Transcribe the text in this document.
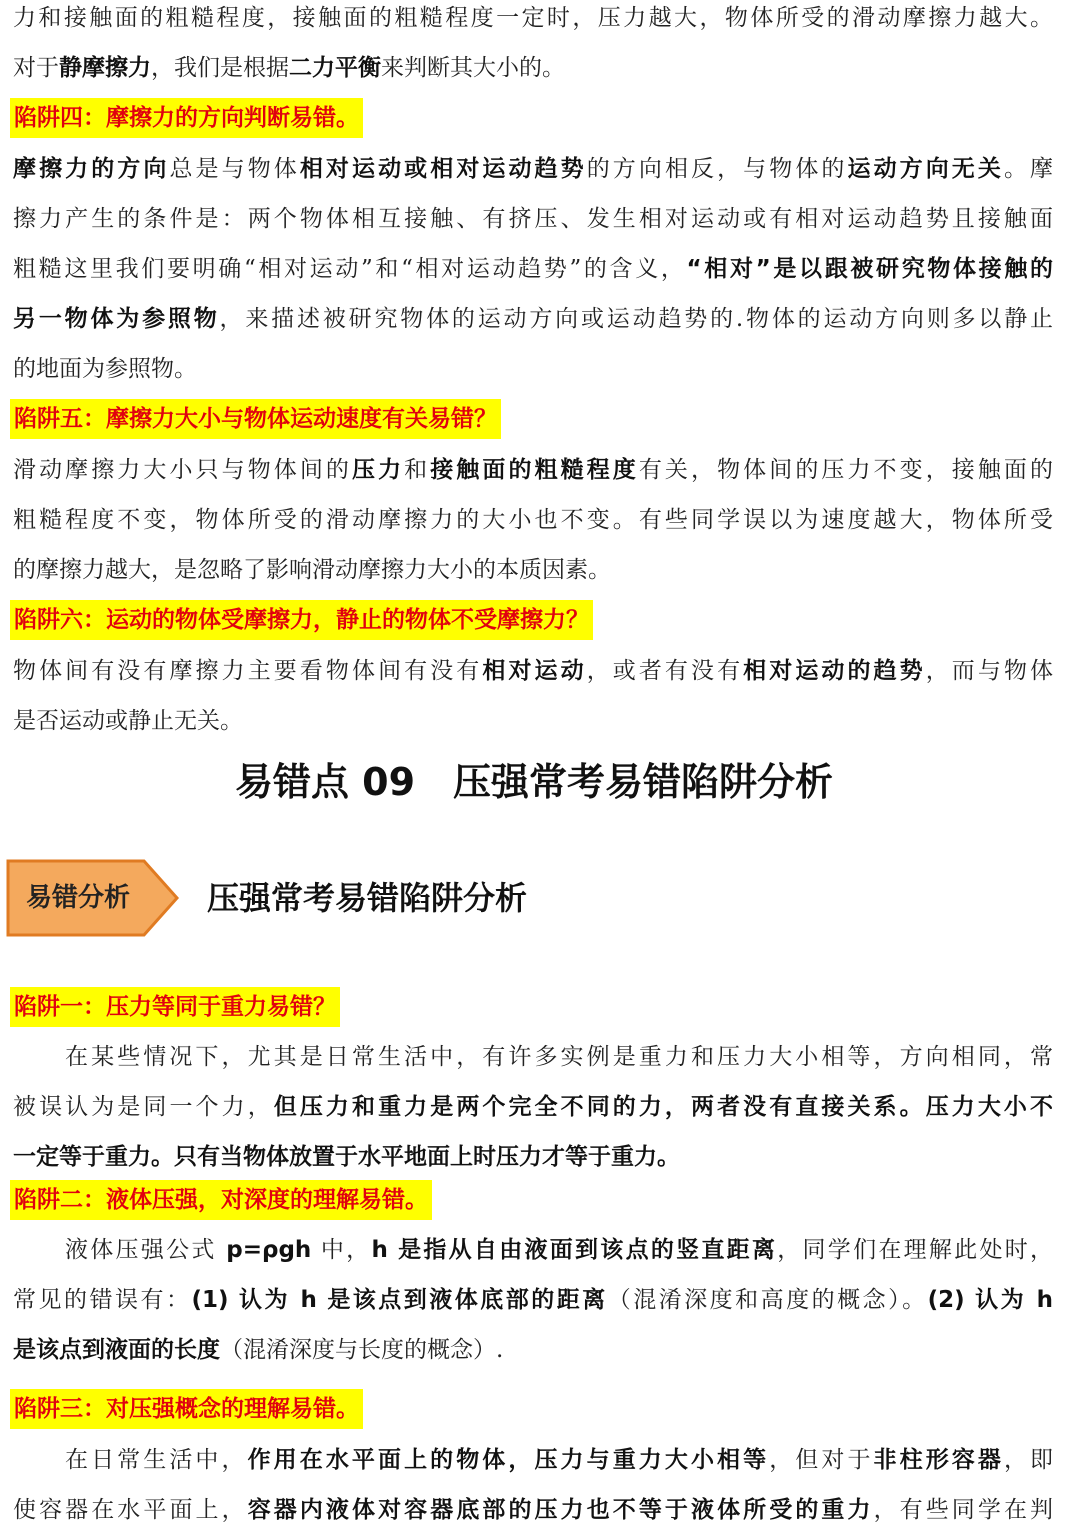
力和接触面的粗糙程度，接触面的粗糙程度一定时，压力越大，物体所受的滑动摩擦力越大。
对于静摩擦力，我们是根据二力平衡来判断其大小的。
陷阱四：摩擦力的方向判断易错。
摩擦力的方向总是与物体相对运动或相对运动趋势的方向相反，与物体的运动方向无关。摩
擦力产生的条件是：两个物体相互接触、有挤压、发生相对运动或有相对运动趋势且接触面
粗糙这里我们要明确“相对运动”和“相对运动趋势”的含义，“相对”是以跟被研究物体接触的
另一物体为参照物，来描述被研究物体的运动方向或运动趋势的.物体的运动方向则多以静止
的地面为参照物。
陷阱五：摩擦力大小与物体运动速度有关易错？
滑动摩擦力大小只与物体间的压力和接触面的粗糙程度有关，物体间的压力不变，接触面的
粗糙程度不变，物体所受的滑动摩擦力的大小也不变。有些同学误以为速度越大，物体所受
的摩擦力越大，是忽略了影响滑动摩擦力大小的本质因素。
陷阱六：运动的物体受摩擦力，静止的物体不受摩擦力？
物体间有没有摩擦力主要看物体间有没有相对运动，或者有没有相对运动的趋势，而与物体
是否运动或静止无关。
易错点 09　压强常考易错陷阱分析
易错分析 压强常考易错陷阱分析
陷阱一：压力等同于重力易错？
在某些情况下，尤其是日常生活中，有许多实例是重力和压力大小相等，方向相同，常
被误认为是同一个力，但压力和重力是两个完全不同的力，两者没有直接关系。压力大小不
一定等于重力。只有当物体放置于水平地面上时压力才等于重力。
陷阱二：液体压强，对深度的理解易错。
液体压强公式 p=ρgh 中，h 是指从自由液面到该点的竖直距离，同学们在理解此处时，
常见的错误有：(1) 认为 h 是该点到液体底部的距离（混淆深度和高度的概念）。(2) 认为 h
是该点到液面的长度（混淆深度与长度的概念）.
陷阱三：对压强概念的理解易错。
在日常生活中，作用在水平面上的物体，压力与重力大小相等，但对于非柱形容器，即
使容器在水平面上，容器内液体对容器底部的压力也不等于液体所受的重力，有些同学在判
